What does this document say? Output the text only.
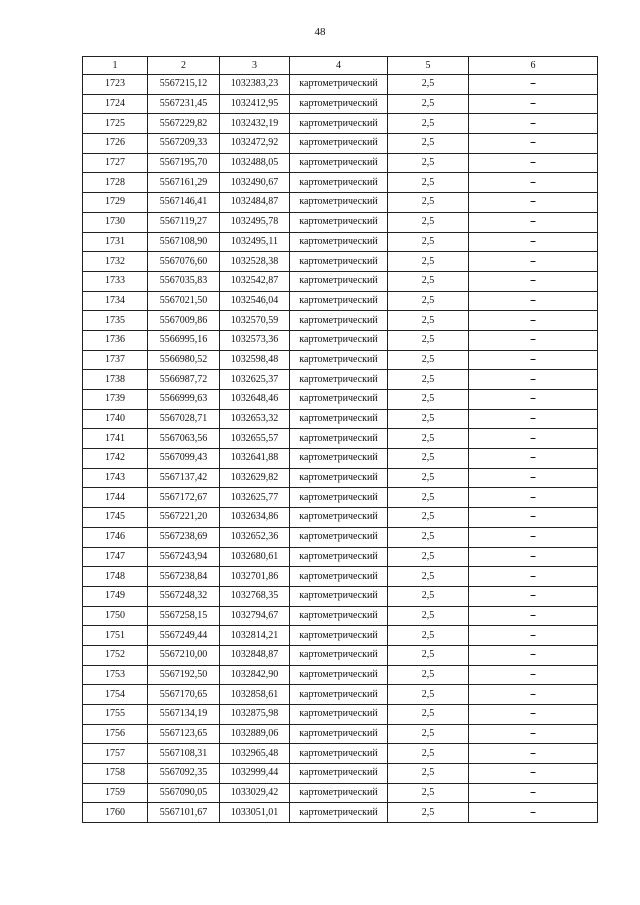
48
1	2	3	4	5	6
1723	5567215,12	1032383,23	картометрический	2,5	–
1724	5567231,45	1032412,95	картометрический	2,5	–
1725	5567229,82	1032432,19	картометрический	2,5	–
1726	5567209,33	1032472,92	картометрический	2,5	–
1727	5567195,70	1032488,05	картометрический	2,5	–
1728	5567161,29	1032490,67	картометрический	2,5	–
1729	5567146,41	1032484,87	картометрический	2,5	–
1730	5567119,27	1032495,78	картометрический	2,5	–
1731	5567108,90	1032495,11	картометрический	2,5	–
1732	5567076,60	1032528,38	картометрический	2,5	–
1733	5567035,83	1032542,87	картометрический	2,5	–
1734	5567021,50	1032546,04	картометрический	2,5	–
1735	5567009,86	1032570,59	картометрический	2,5	–
1736	5566995,16	1032573,36	картометрический	2,5	–
1737	5566980,52	1032598,48	картометрический	2,5	–
1738	5566987,72	1032625,37	картометрический	2,5	–
1739	5566999,63	1032648,46	картометрический	2,5	–
1740	5567028,71	1032653,32	картометрический	2,5	–
1741	5567063,56	1032655,57	картометрический	2,5	–
1742	5567099,43	1032641,88	картометрический	2,5	–
1743	5567137,42	1032629,82	картометрический	2,5	–
1744	5567172,67	1032625,77	картометрический	2,5	–
1745	5567221,20	1032634,86	картометрический	2,5	–
1746	5567238,69	1032652,36	картометрический	2,5	–
1747	5567243,94	1032680,61	картометрический	2,5	–
1748	5567238,84	1032701,86	картометрический	2,5	–
1749	5567248,32	1032768,35	картометрический	2,5	–
1750	5567258,15	1032794,67	картометрический	2,5	–
1751	5567249,44	1032814,21	картометрический	2,5	–
1752	5567210,00	1032848,87	картометрический	2,5	–
1753	5567192,50	1032842,90	картометрический	2,5	–
1754	5567170,65	1032858,61	картометрический	2,5	–
1755	5567134,19	1032875,98	картометрический	2,5	–
1756	5567123,65	1032889,06	картометрический	2,5	–
1757	5567108,31	1032965,48	картометрический	2,5	–
1758	5567092,35	1032999,44	картометрический	2,5	–
1759	5567090,05	1033029,42	картометрический	2,5	–
1760	5567101,67	1033051,01	картометрический	2,5	–
